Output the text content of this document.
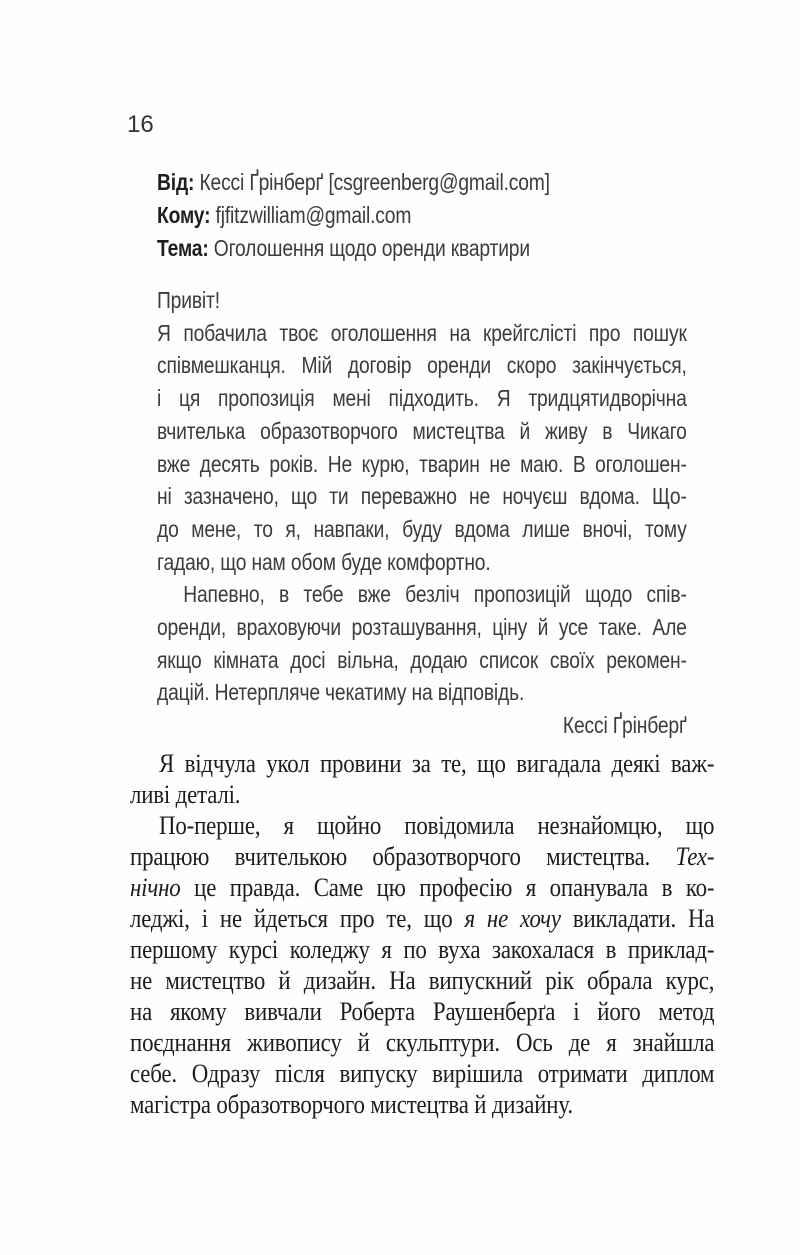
16
Від: Кессі Ґрінберґ [csgreenberg@gmail.com]
Кому: fjfitzwilliam@gmail.com
Тема: Оголошення щодо оренди квартири
Привіт!
Я побачила твоє оголошення на крейгслісті про пошук
співмешканця. Мій договір оренди скоро закінчується,
і ця пропозиція мені підходить. Я тридцятидворічна
вчителька образотворчого мистецтва й живу в Чикаго
вже десять років. Не курю, тварин не маю. В оголошен-
ні зазначено, що ти переважно не ночуєш вдома. Що-
до мене, то я, навпаки, буду вдома лише вночі, тому
гадаю, що нам обом буде комфортно.
Напевно, в тебе вже безліч пропозицій щодо спів-
оренди, враховуючи розташування, ціну й усе таке. Але
якщо кімната досі вільна, додаю список своїх рекомен-
дацій. Нетерпляче чекатиму на відповідь.
Кессі Ґрінберґ
Я відчула укол провини за те, що вигадала деякі важ-
ливі деталі.
По-перше, я щойно повідомила незнайомцю, що
працюю вчителькою образотворчого мистецтва. Тех-
нічно це правда. Саме цю професію я опанувала в ко-
леджі, і не йдеться про те, що я не хочу викладати. На
першому курсі коледжу я по вуха закохалася в приклад-
не мистецтво й дизайн. На випускний рік обрала курс,
на якому вивчали Роберта Раушенберґа і його метод
поєднання живопису й скульптури. Ось де я знайшла
себе. Одразу після випуску вирішила отримати диплом
магістра образотворчого мистецтва й дизайну.
